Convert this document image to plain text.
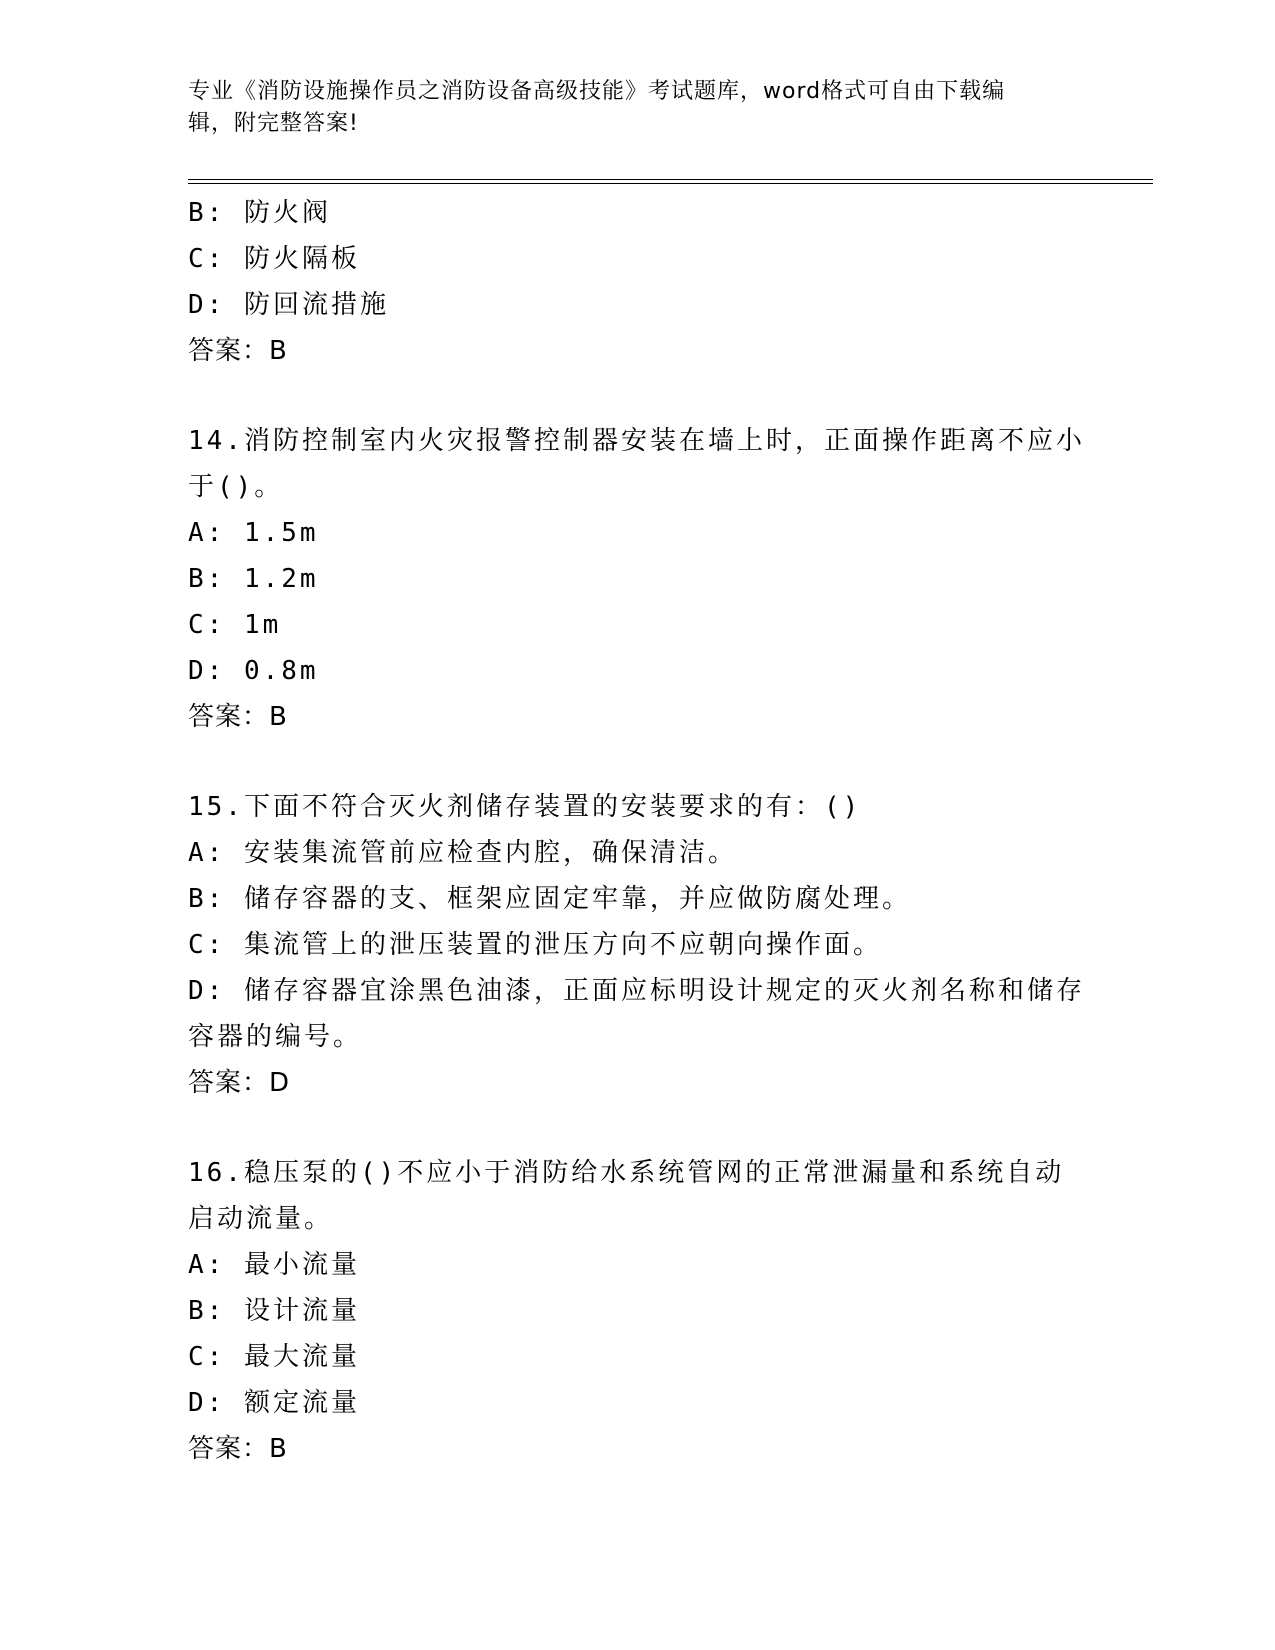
专业《消防设施操作员之消防设备高级技能》考试题库，word格式可自由下载编
辑，附完整答案!
B: 防火阀
C: 防火隔板
D: 防回流措施
答案：B
14.消防控制室内火灾报警控制器安装在墙上时，正面操作距离不应小
于()。
A: 1.5m
B: 1.2m
C: 1m
D: 0.8m
答案：B
15.下面不符合灭火剂储存装置的安装要求的有：()
A: 安装集流管前应检查内腔，确保清洁。
B: 储存容器的支、框架应固定牢靠，并应做防腐处理。
C: 集流管上的泄压装置的泄压方向不应朝向操作面。
D: 储存容器宜涂黑色油漆，正面应标明设计规定的灭火剂名称和储存
容器的编号。
答案：D
16.稳压泵的()不应小于消防给水系统管网的正常泄漏量和系统自动
启动流量。
A: 最小流量
B: 设计流量
C: 最大流量
D: 额定流量
答案：B
